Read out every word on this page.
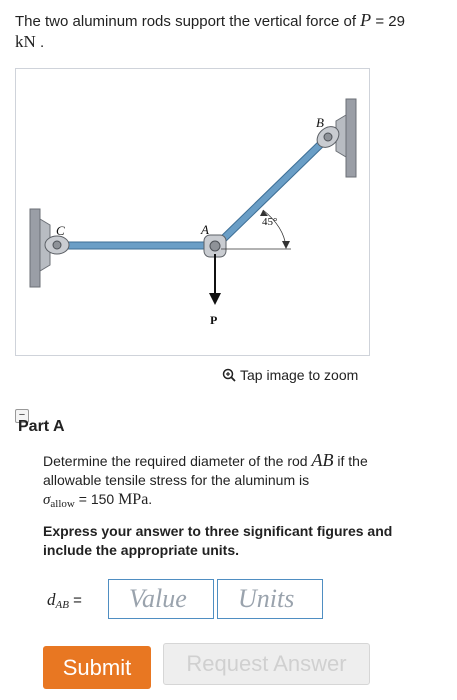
The two aluminum rods support the vertical force of P = 29
kN .
B
C	A	45°
P
Tap image to zoom
−
Part A
Determine the required diameter of the rod AB if the
allowable tensile stress for the aluminum is
$\sigma_{allow} = 150$ MPa.
Express your answer to three significant figures and include the appropriate units.
$d_{AB}$ =
Value
Units
Submit	Request Answer
